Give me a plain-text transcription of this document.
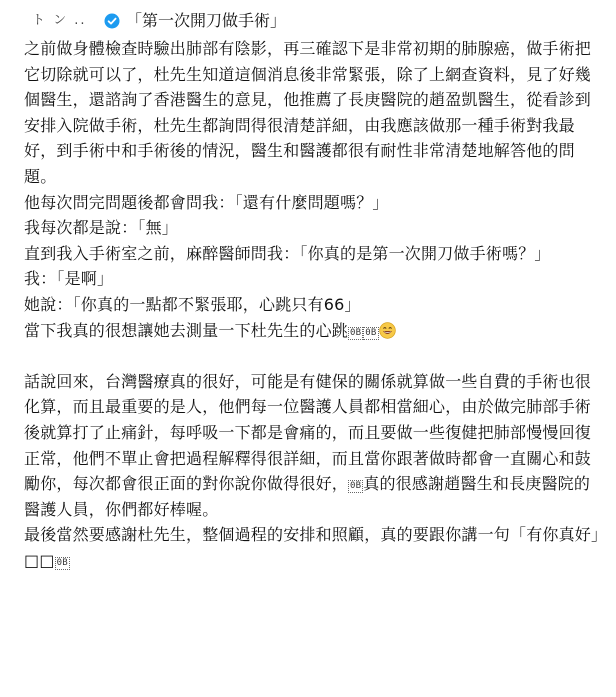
ト ン ..	「第一次開刀做手術」

之前做身體檢查時驗出肺部有陰影，再三確認下是非常初期的肺腺癌，做手術把它切除就可以了，杜先生知道這個消息後非常緊張，除了上網查資料，見了好幾個醫生，還諮詢了香港醫生的意見，他推薦了長庚醫院的趙盈凱醫生，從看診到安排入院做手術，杜先生都詢問得很清楚詳細，由我應該做那一種手術對我最好，到手術中和手術後的情況，醫生和醫護都很有耐性非常清楚地解答他的問題。

他每次問完問題後都會問我：「還有什麼問題嗎？」

我每次都是說：「無」

直到我入手術室之前，麻醉醫師問我：「你真的是第一次開刀做手術嗎？」

我：「是啊」

她說：「你真的一點都不緊張耶，心跳只有66」

當下我真的很想讓她去測量一下杜先生的心跳 0B 0B

話說回來，台灣醫療真的很好，可能是有健保的關係就算做一些自費的手術也很化算，而且最重要的是人，他們每一位醫護人員都相當細心，由於做完肺部手術後就算打了止痛針，每呼吸一下都是會痛的，而且要做一些復健把肺部慢慢回復正常，他們不單止會把過程解釋得很詳細，而且當你跟著做時都會一直關心和鼓勵你，每次都會很正面的對你說你做得很好， 0B 真的很感謝趙醫生和長庚醫院的醫護人員，你們都好棒喔。

最後當然要感謝杜先生，整個過程的安排和照顧，真的要跟你講一句「有你真好」□□ 0B
